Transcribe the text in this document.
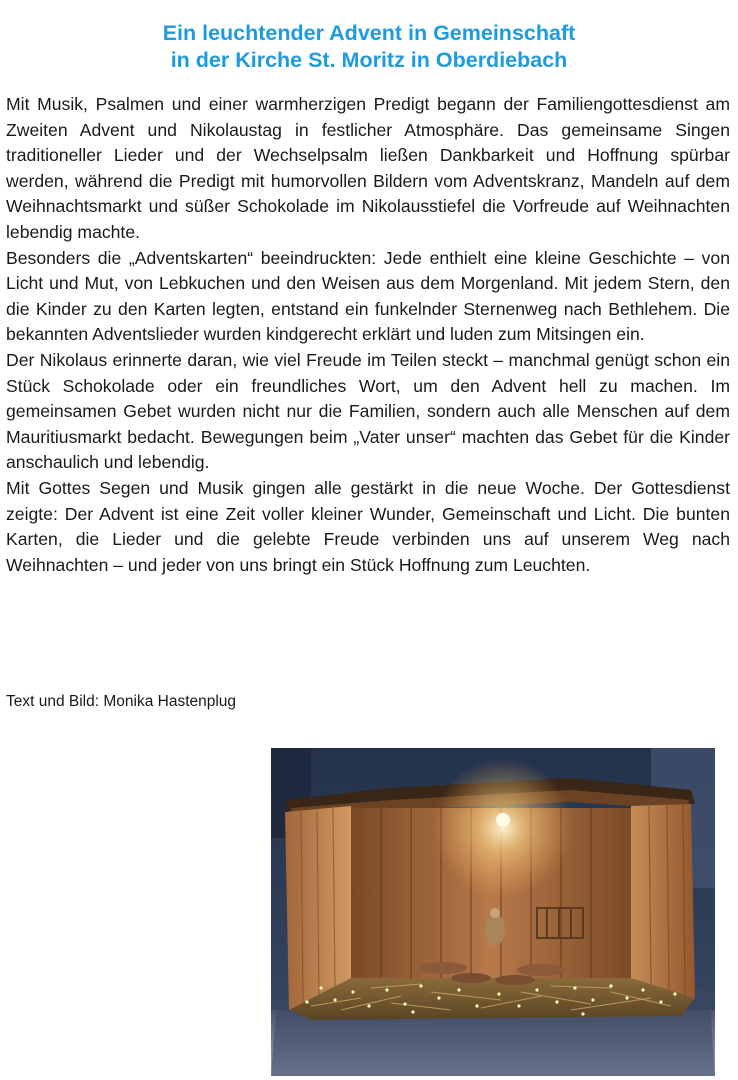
Ein leuchtender Advent in Gemeinschaft
in der Kirche St. Moritz in Oberdiebach

Mit Musik, Psalmen und einer warmherzigen Predigt begann der Familiengottesdienst am Zweiten Advent und Nikolaustag in festlicher Atmosphäre. Das gemeinsame Singen traditioneller Lieder und der Wechselpsalm ließen Dankbarkeit und Hoffnung spürbar werden, während die Predigt mit humorvollen Bildern vom Adventskranz, Mandeln auf dem Weihnachtsmarkt und süßer Schokolade im Nikolausstiefel die Vorfreude auf Weihnachten lebendig machte.

Besonders die „Adventskarten“ beeindruckten: Jede enthielt eine kleine Geschichte – von Licht und Mut, von Lebkuchen und den Weisen aus dem Morgenland. Mit jedem Stern, den die Kinder zu den Karten legten, entstand ein funkelnder Sternenweg nach Bethlehem. Die bekannten Adventslieder wurden kindgerecht erklärt und luden zum Mitsingen ein.

Der Nikolaus erinnerte daran, wie viel Freude im Teilen steckt – manchmal genügt schon ein Stück Schokolade oder ein freundliches Wort, um den Advent hell zu machen. Im gemeinsamen Gebet wurden nicht nur die Familien, sondern auch alle Menschen auf dem Mauritiusmarkt bedacht. Bewegungen beim „Vater unser“ machten das Gebet für die Kinder anschaulich und lebendig.

Mit Gottes Segen und Musik gingen alle gestärkt in die neue Woche. Der Gottesdienst zeigte: Der Advent ist eine Zeit voller kleiner Wunder, Gemeinschaft und Licht. Die bunten Karten, die Lieder und die gelebte Freude verbinden uns auf unserem Weg nach Weihnachten – und jeder von uns bringt ein Stück Hoffnung zum Leuchten.

Text und Bild: Monika Hastenplug
